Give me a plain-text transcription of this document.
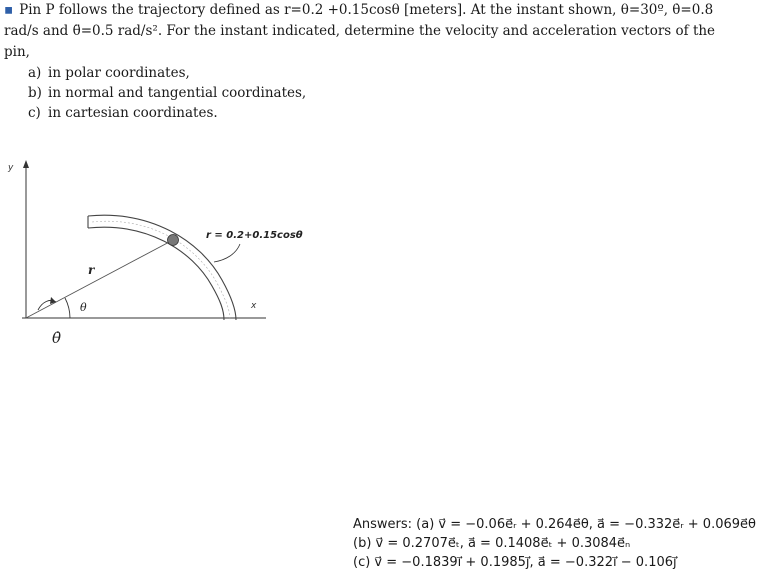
▪ Pin P follows the trajectory defined as r=0.2 +0.15cosθ [meters]. At the instant shown, θ=30º, θ̇=0.8
rad/s and θ̈=0.5 rad/s². For the instant indicated, determine the velocity and acceleration vectors of the
pin,
a) in polar coordinates,
b) in normal and tangential coordinates,
c) in cartesian coordinates.
y
x
r
θ
θ̇
r = 0.2+0.15cosθ
Answers: (a) v⃗ = −0.06e⃗ᵣ + 0.264e⃗θ, a⃗ = −0.332e⃗ᵣ + 0.069e⃗θ
(b) v⃗ = 0.2707e⃗ₜ, a⃗ = 0.1408e⃗ₜ + 0.3084e⃗ₙ
(c) v⃗ = −0.1839i⃗ + 0.1985j⃗, a⃗ = −0.322i⃗ − 0.106j⃗
